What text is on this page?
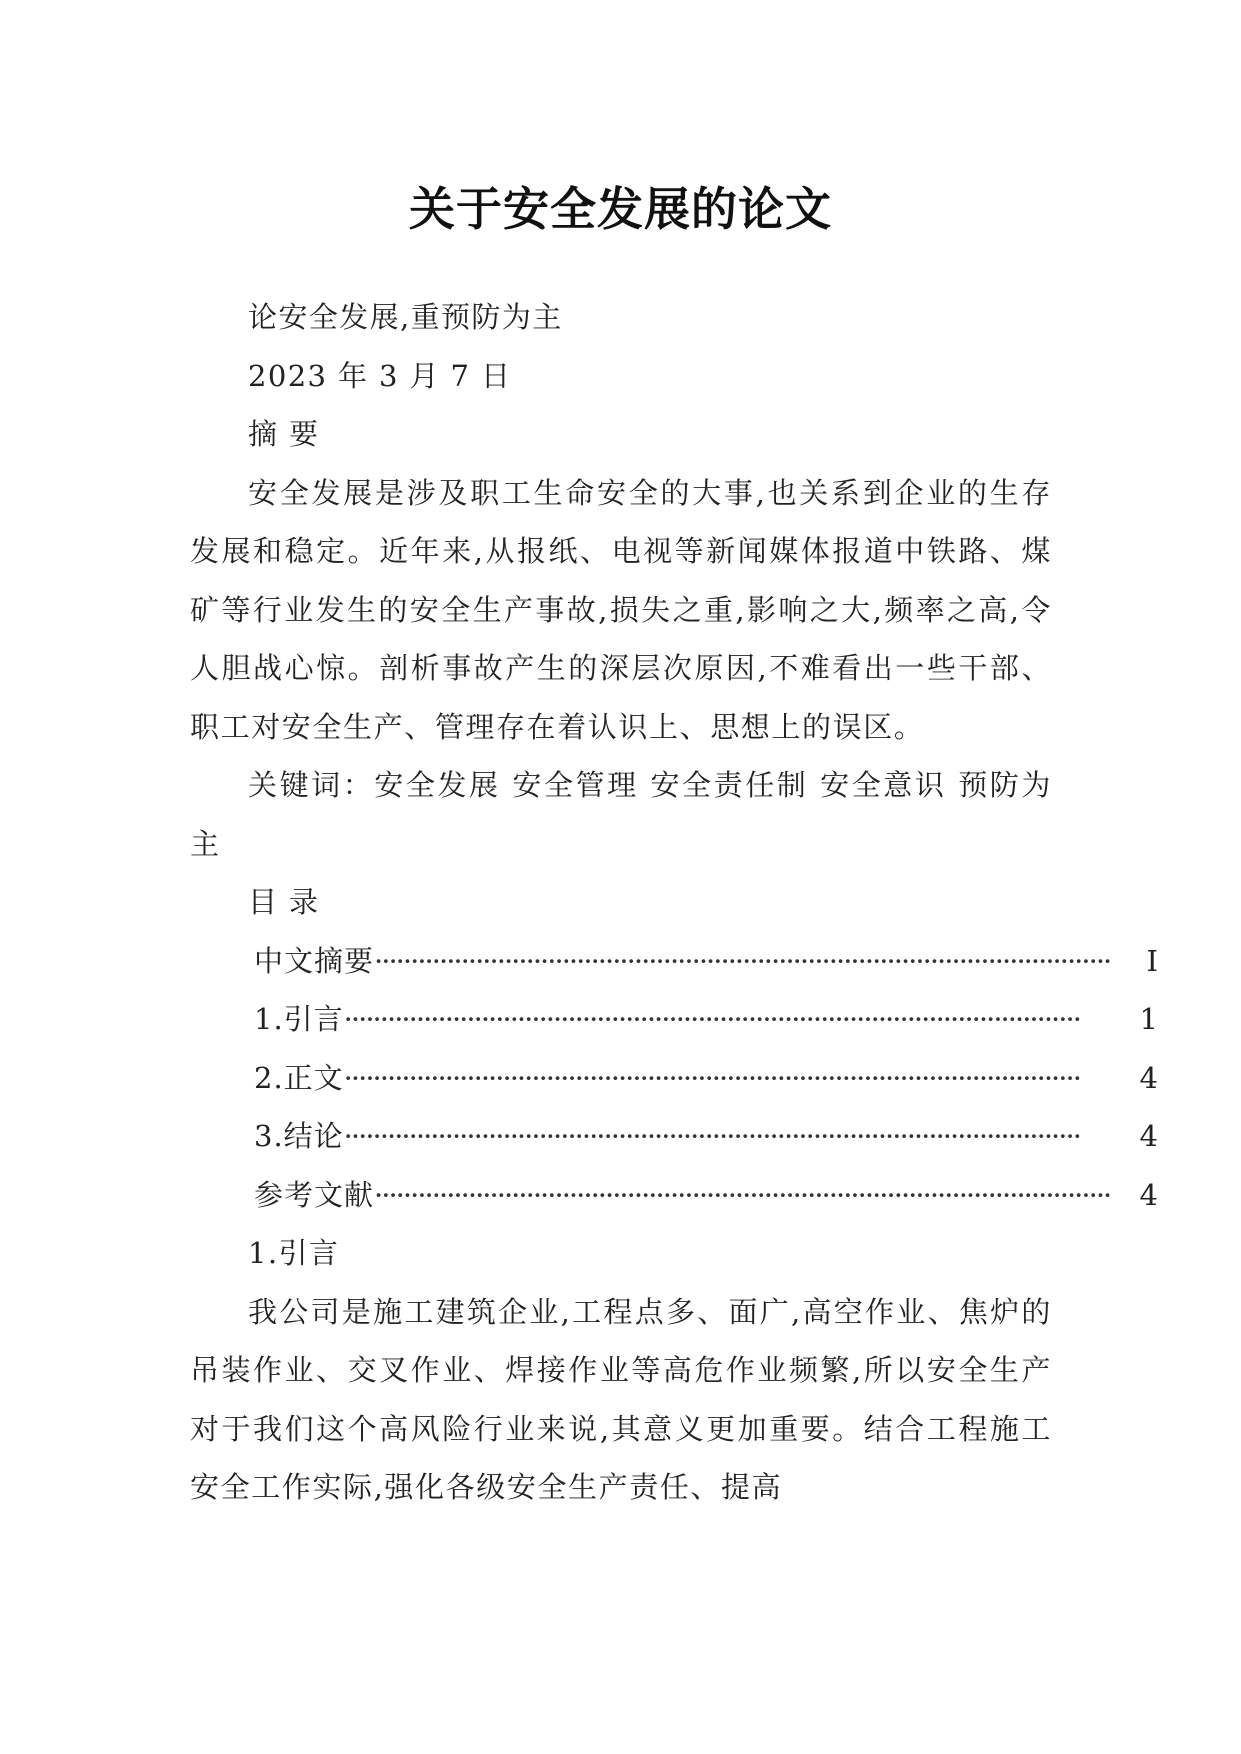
关于安全发展的论文

论安全发展,重预防为主

2023 年 3 月 7 日

摘 要

安全发展是涉及职工生命安全的大事,也关系到企业的生存发展和稳定。近年来,从报纸、电视等新闻媒体报道中铁路、煤矿等行业发生的安全生产事故,损失之重,影响之大,频率之高,令人胆战心惊。剖析事故产生的深层次原因,不难看出一些干部、职工对安全生产、管理存在着认识上、思想上的误区。

关键词：安全发展 安全管理 安全责任制 安全意识 预防为主

目 录

中文摘要 ·····	I
1.引言 ·····	1
2.正文 ·····	4
3.结论 ·····	4
参考文献 ·····	4

1.引言

我公司是施工建筑企业,工程点多、面广,高空作业、焦炉的吊装作业、交叉作业、焊接作业等高危作业频繁,所以安全生产对于我们这个高风险行业来说,其意义更加重要。结合工程施工安全工作实际,强化各级安全生产责任、提高
